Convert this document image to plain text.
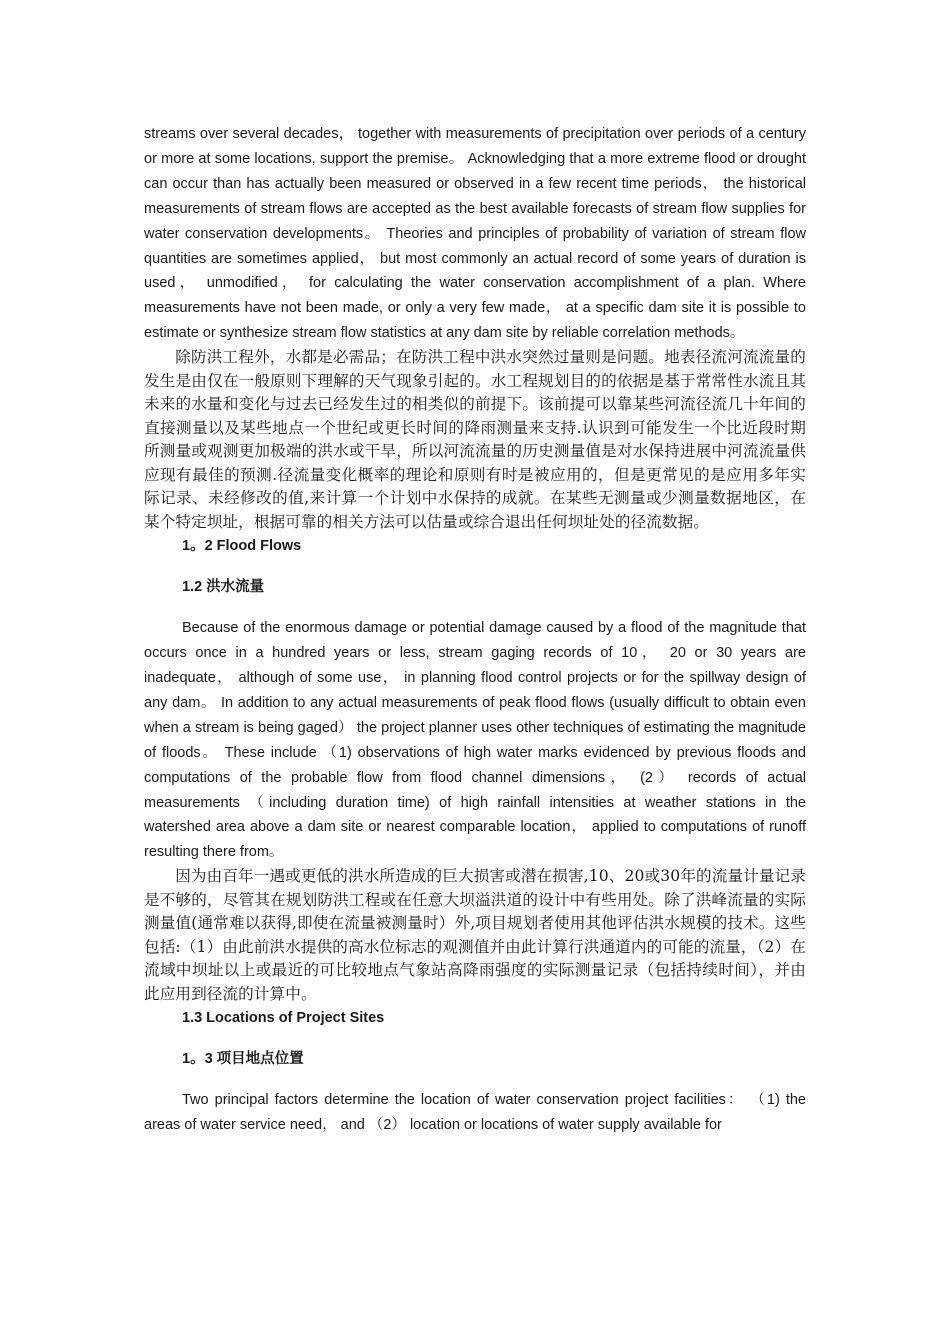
streams over several decades， together with measurements of precipitation over periods of a century or more at some locations, support the premise。 Acknowledging that a more extreme flood or drought can occur than has actually been measured or observed in a few recent time periods， the historical measurements of stream flows are accepted as the best available forecasts of stream flow supplies for water conservation developments。 Theories and principles of probability of variation of stream flow quantities are sometimes applied， but most commonly an actual record of some years of duration is used， unmodified， for calculating the water conservation accomplishment of a plan. Where measurements have not been made, or only a very few made， at a specific dam site it is possible to estimate or synthesize stream flow statistics at any dam site by reliable correlation methods。

除防洪工程外，水都是必需品；在防洪工程中洪水突然过量则是问题。地表径流河流流量的发生是由仅在一般原则下理解的天气现象引起的。水工程规划目的的依据是基于常常性水流且其未来的水量和变化与过去已经发生过的相类似的前提下。该前提可以靠某些河流径流几十年间的直接测量以及某些地点一个世纪或更长时间的降雨测量来支持.认识到可能发生一个比近段时期所测量或观测更加极端的洪水或干旱，所以河流流量的历史测量值是对水保持进展中河流流量供应现有最佳的预测.径流量变化概率的理论和原则有时是被应用的，但是更常见的是应用多年实际记录、未经修改的值,来计算一个计划中水保持的成就。在某些无测量或少测量数据地区，在某个特定坝址，根据可靠的相关方法可以估量或综合退出任何坝址处的径流数据。

1。2 Flood Flows

1.2 洪水流量

Because of the enormous damage or potential damage caused by a flood of the magnitude that occurs once in a hundred years or less, stream gaging records of 10， 20 or 30 years are inadequate， although of some use， in planning flood control projects or for the spillway design of any dam。 In addition to any actual measurements of peak flood flows (usually difficult to obtain even when a stream is being gaged） the project planner uses other techniques of estimating the magnitude of floods。 These include （1) observations of high water marks evidenced by previous floods and computations of the probable flow from flood channel dimensions， (2） records of actual measurements （including duration time) of high rainfall intensities at weather stations in the watershed area above a dam site or nearest comparable location， applied to computations of runoff resulting there from。

因为由百年一遇或更低的洪水所造成的巨大损害或潜在损害,10、20或30年的流量计量记录是不够的，尽管其在规划防洪工程或在任意大坝溢洪道的设计中有些用处。除了洪峰流量的实际测量值(通常难以获得,即使在流量被测量时）外,项目规划者使用其他评估洪水规模的技术。这些包括:（1）由此前洪水提供的高水位标志的观测值并由此计算行洪通道内的可能的流量，（2）在流域中坝址以上或最近的可比较地点气象站高降雨强度的实际测量记录（包括持续时间），并由此应用到径流的计算中。

1.3 Locations of Project Sites

1。3 项目地点位置

Two principal factors determine the location of water conservation project facilities： （1) the areas of water service need， and （2） location or locations of water supply available for
